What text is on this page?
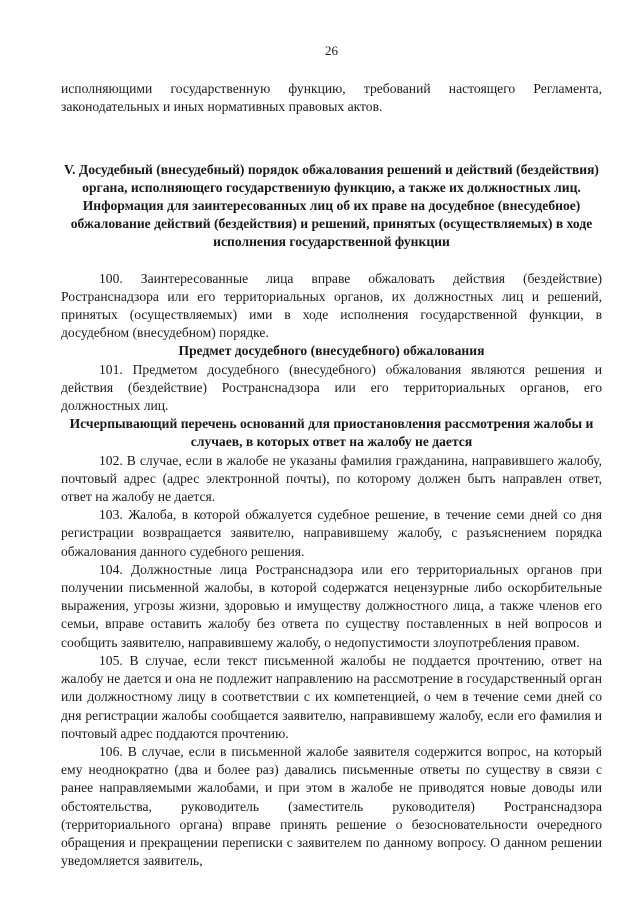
26

исполняющими государственную функцию, требований настоящего Регламента, законодательных и иных нормативных правовых актов.

V. Досудебный (внесудебный) порядок обжалования решений и действий (бездействия) органа, исполняющего государственную функцию, а также их должностных лиц. Информация для заинтересованных лиц об их праве на досудебное (внесудебное) обжалование действий (бездействия) и решений, принятых (осуществляемых) в ходе исполнения государственной функции

100. Заинтересованные лица вправе обжаловать действия (бездействие) Ространснадзора или его территориальных органов, их должностных лиц и решений, принятых (осуществляемых) ими в ходе исполнения государственной функции, в досудебном (внесудебном) порядке.

Предмет досудебного (внесудебного) обжалования

101. Предметом досудебного (внесудебного) обжалования являются решения и действия (бездействие) Ространснадзора или его территориальных органов, его должностных лиц.

Исчерпывающий перечень оснований для приостановления рассмотрения жалобы и случаев, в которых ответ на жалобу не дается

102. В случае, если в жалобе не указаны фамилия гражданина, направившего жалобу, почтовый адрес (адрес электронной почты), по которому должен быть направлен ответ, ответ на жалобу не дается.

103. Жалоба, в которой обжалуется судебное решение, в течение семи дней со дня регистрации возвращается заявителю, направившему жалобу, с разъяснением порядка обжалования данного судебного решения.

104. Должностные лица Ространснадзора или его территориальных органов при получении письменной жалобы, в которой содержатся нецензурные либо оскорбительные выражения, угрозы жизни, здоровью и имуществу должностного лица, а также членов его семьи, вправе оставить жалобу без ответа по существу поставленных в ней вопросов и сообщить заявителю, направившему жалобу, о недопустимости злоупотребления правом.

105. В случае, если текст письменной жалобы не поддается прочтению, ответ на жалобу не дается и она не подлежит направлению на рассмотрение в государственный орган или должностному лицу в соответствии с их компетенцией, о чем в течение семи дней со дня регистрации жалобы сообщается заявителю, направившему жалобу, если его фамилия и почтовый адрес поддаются прочтению.

106. В случае, если в письменной жалобе заявителя содержится вопрос, на который ему неоднократно (два и более раз) давались письменные ответы по существу в связи с ранее направляемыми жалобами, и при этом в жалобе не приводятся новые доводы или обстоятельства, руководитель (заместитель руководителя) Ространснадзора (территориального органа) вправе принять решение о безосновательности очередного обращения и прекращении переписки с заявителем по данному вопросу. О данном решении уведомляется заявитель,
